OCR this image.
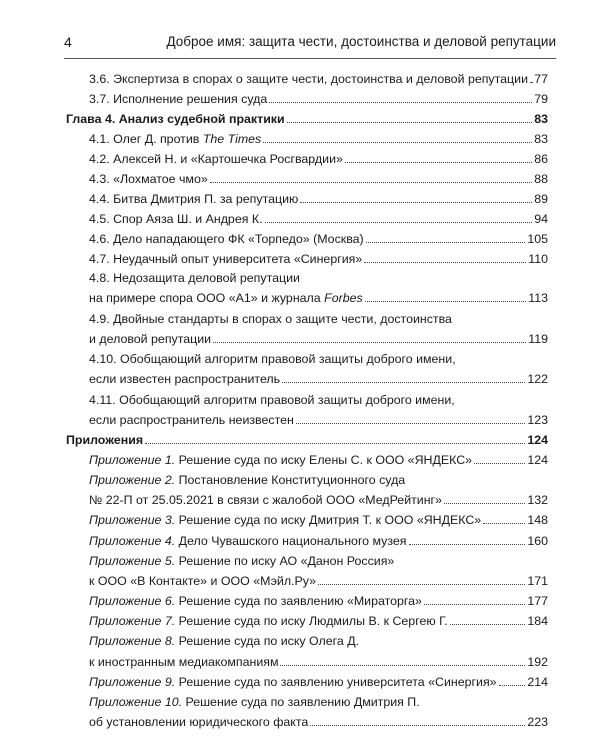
4	Доброе имя: защита чести, достоинства и деловой репутации
3.6. Экспертиза в спорах о защите чести, достоинства и деловой репутации 77
3.7. Исполнение решения суда	79
Глава 4. Анализ судебной практики	83
4.1. Олег Д. против The Times	83
4.2. Алексей Н. и «Картошечка Росгвардии»	86
4.3. «Лохматое чмо»	88
4.4. Битва Дмитрия П. за репутацию	89
4.5. Спор Аяза Ш. и Андрея К.	94
4.6. Дело нападающего ФК «Торпедо» (Москва)	105
4.7. Неудачный опыт университета «Синергия»	110
4.8. Недозащита деловой репутации
на примере спора ООО «А1» и журнала Forbes	113
4.9. Двойные стандарты в спорах о защите чести, достоинства
и деловой репутации	119
4.10. Обобщающий алгоритм правовой защиты доброго имени,
если известен распространитель	122
4.11. Обобщающий алгоритм правовой защиты доброго имени,
если распространитель неизвестен	123
Приложения	124
Приложение 1. Решение суда по иску Елены С. к ООО «ЯНДЕКС»	124
Приложение 2. Постановление Конституционного суда
№ 22-П от 25.05.2021 в связи с жалобой ООО «МедРейтинг»	132
Приложение 3. Решение суда по иску Дмитрия Т. к ООО «ЯНДЕКС»	148
Приложение 4. Дело Чувашского национального музея	160
Приложение 5. Решение по иску АО «Данон Россия»
к ООО «В Контакте» и ООО «Мэйл.Ру»	171
Приложение 6. Решение суда по заявлению «Мираторга»	177
Приложение 7. Решение суда по иску Людмилы В. к Сергею Г.	184
Приложение 8. Решение суда по иску Олега Д.
к иностранным медиакомпаниям	192
Приложение 9. Решение суда по заявлению университета «Синергия» 214
Приложение 10. Решение суда по заявлению Дмитрия П.
об установлении юридического факта	223
